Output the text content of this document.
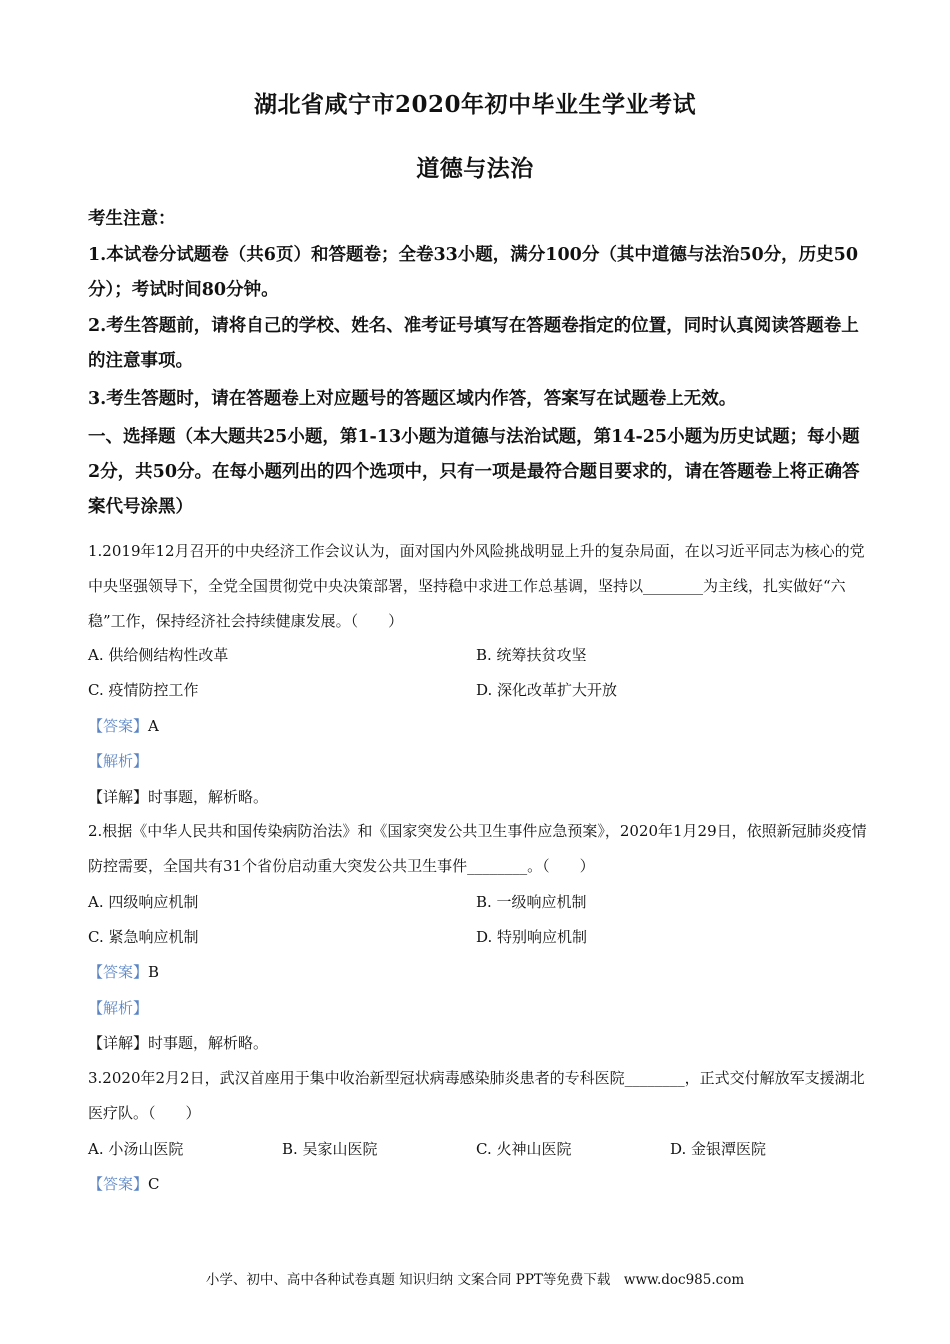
湖北省咸宁市2020年初中毕业生学业考试
道德与法治
考生注意：
1.本试卷分试题卷（共6页）和答题卷；全卷33小题，满分100分（其中道德与法治50分，历史50分）；考试时间80分钟。
2.考生答题前，请将自己的学校、姓名、准考证号填写在答题卷指定的位置，同时认真阅读答题卷上的注意事项。
3.考生答题时，请在答题卷上对应题号的答题区域内作答，答案写在试题卷上无效。
一、选择题（本大题共25小题，第1-13小题为道德与法治试题，第14-25小题为历史试题；每小题2分，共50分。在每小题列出的四个选项中，只有一项是最符合题目要求的，请在答题卷上将正确答案代号涂黑）
1.2019年12月召开的中央经济工作会议认为，面对国内外风险挑战明显上升的复杂局面，在以习近平同志为核心的党中央坚强领导下，全党全国贯彻党中央决策部署，坚持稳中求进工作总基调，坚持以________为主线，扎实做好“六稳”工作，保持经济社会持续健康发展。（　　）
A. 供给侧结构性改革	B. 统筹扶贫攻坚
C. 疫情防控工作	D. 深化改革扩大开放
【答案】A
【解析】
【详解】时事题，解析略。
2.根据《中华人民共和国传染病防治法》和《国家突发公共卫生事件应急预案》，2020年1月29日，依照新冠肺炎疫情防控需要，全国共有31个省份启动重大突发公共卫生事件________。（　　）
A. 四级响应机制	B. 一级响应机制
C. 紧急响应机制	D. 特别响应机制
【答案】B
【解析】
【详解】时事题，解析略。
3.2020年2月2日，武汉首座用于集中收治新型冠状病毒感染肺炎患者的专科医院________，正式交付解放军支援湖北医疗队。（　　）
A. 小汤山医院	B. 吴家山医院	C. 火神山医院	D. 金银潭医院
【答案】C
小学、初中、高中各种试卷真题 知识归纳 文案合同 PPT等免费下载　www.doc985.com
